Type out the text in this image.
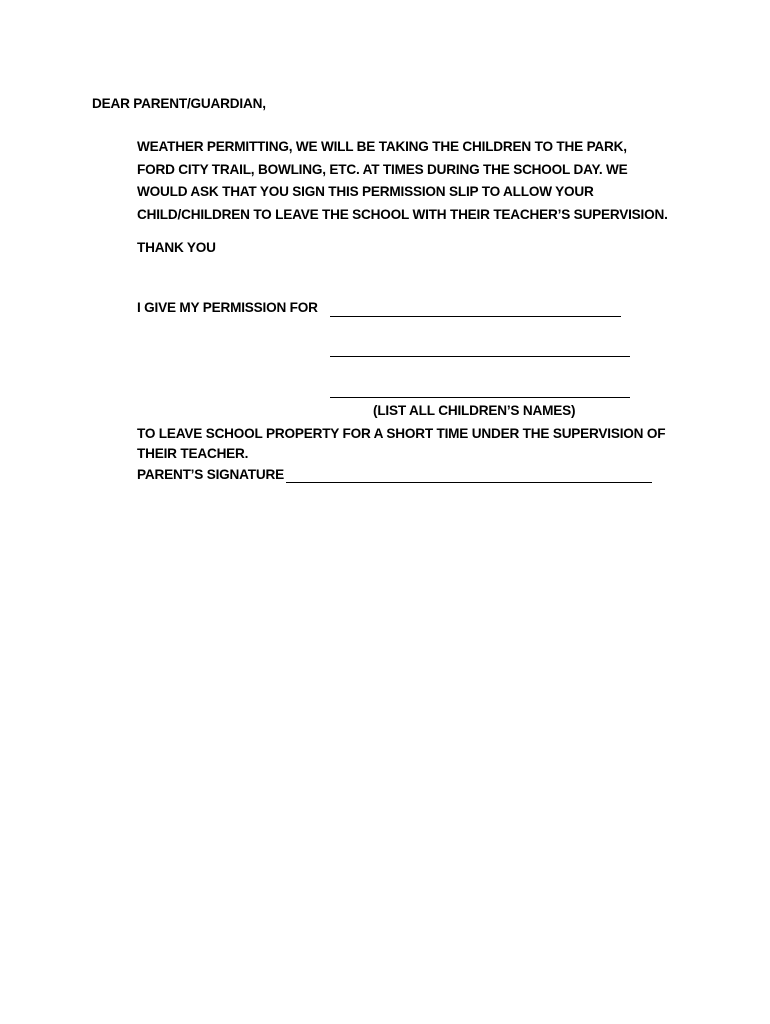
DEAR PARENT/GUARDIAN,
WEATHER PERMITTING, WE WILL BE TAKING THE CHILDREN TO THE PARK,
FORD CITY TRAIL, BOWLING, ETC. AT TIMES DURING THE SCHOOL DAY. WE
WOULD ASK THAT YOU SIGN THIS PERMISSION SLIP TO ALLOW YOUR
CHILD/CHILDREN TO LEAVE THE SCHOOL WITH THEIR TEACHER’S SUPERVISION.
THANK YOU
I GIVE MY PERMISSION FOR
(LIST ALL CHILDREN’S NAMES)
TO LEAVE SCHOOL PROPERTY FOR A SHORT TIME UNDER THE SUPERVISION OF
THEIR TEACHER.
PARENT’S SIGNATURE
